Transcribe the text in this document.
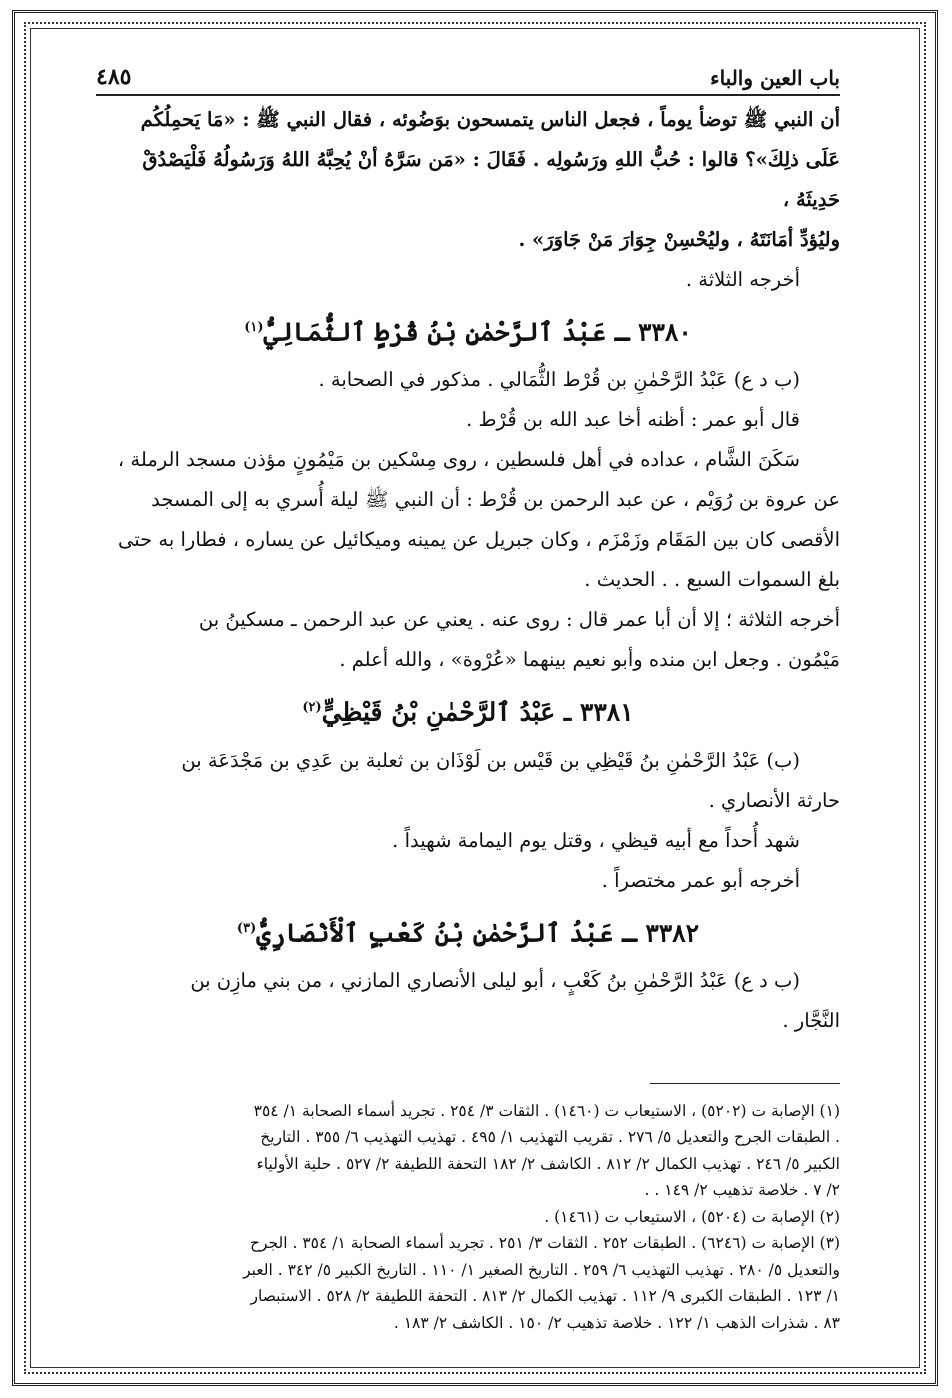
باب العين والباء
٤٨٥

أن النبي ﷺ توضأ يوماً ، فجعل الناس يتمسحون بوَضُوئه ، فقال النبي ﷺ : «مَا يَحمِلُكُم

عَلَى ذلِكَ»؟ قالوا : حُبُّ اللهِ ورَسُولِه . فَقَالَ : «مَن سَرَّهُ أنْ يُحِبَّهُ اللهُ وَرَسُولُهُ فَلْيَصْدُقْ حَدِيثَهُ ،

وليُؤدِّ أمَانَتَهُ ، وليُحْسِنْ جِوَارَ مَنْ جَاوَرَ» .

أخرجه الثلاثة .

٣٣٨٠ ـ عَبْدُ ٱلرَّحْمٰنِ بْنُ قُرْطٍ ٱلثُّمَالِيُّ$^{(١)}$

(ب د ع) عَبْدُ الرَّحْمٰنِ بن قُرْط الثُّمَالي . مذكور في الصحابة .

قال أبو عمر : أظنه أخا عبد الله بن قُرْط .

سَكَنَ الشَّام ، عداده في أهل فلسطين ، روى مِسْكين بن مَيْمُونٍ مؤذن مسجد الرملة ،

عن عروة بن رُوَيْم ، عن عبد الرحمن بن قُرْط : أن النبي ﷺ ليلة أُسري به إلى المسجد

الأقصى كان بين المَقَام وزَمْزَم ، وكان جبريل عن يمينه وميكائيل عن يساره ، فطارا به حتى

بلغ السموات السبع . . الحديث .

أخرجه الثلاثة ؛ إلا أن أبا عمر قال : روى عنه . يعني عن عبد الرحمن ـ مسكينُ بن

مَيْمُون . وجعل ابن منده وأبو نعيم بينهما «عُرْوة» ، والله أعلم .

٣٣٨١ ـ عَبْدُ ٱلرَّحْمٰنِ بْنُ قَيْظِيٍّ$^{(٢)}$

(ب) عَبْدُ الرَّحْمٰنِ بنُ قَيْظِي بن قَيْس بن لَوْذَان بن ثعلبة بن عَدِي بن مَجْدَعَة بن

حارثة الأنصاري .

شهد أُحداً مع أبيه قيظي ، وقتل يوم اليمامة شهيداً .

أخرجه أبو عمر مختصراً .

٣٣٨٢ ـ عَبْدُ ٱلرَّحْمٰنِ بْنُ كَعْبٍ ٱلْأَنْصَارِيُّ$^{(٣)}$

(ب د ع) عَبْدُ الرَّحْمٰنِ بنُ كَعْبٍ ، أبو ليلى الأنصاري المازني ، من بني مازِن بن

النَّجَّار .

(١) الإصابة ت (٥٢٠٢) ، الاستيعاب ت (١٤٦٠) . الثقات ٣/ ٢٥٤ . تجريد أسماء الصحابة ١/ ٣٥٤

. الطبقات الجرح والتعديل ٥/ ٢٧٦ . تقريب التهذيب ١/ ٤٩٥ . تهذيب التهذيب ٦/ ٣٥٥ . التاريخ

الكبير ٥/ ٢٤٦ . تهذيب الكمال ٢/ ٨١٢ . الكاشف ٢/ ١٨٢ التحفة اللطيفة ٢/ ٥٢٧ . حلية الأولياء

٢/ ٧ . خلاصة تذهيب ٢/ ١٤٩ . .

(٢) الإصابة ت (٥٢٠٤) ، الاستيعاب ت (١٤٦١) .

(٣) الإصابة ت (٦٢٤٦) . الطبقات ٢٥٢ . الثقات ٣/ ٢٥١ . تجريد أسماء الصحابة ١/ ٣٥٤ . الجرح

والتعديل ٥/ ٢٨٠ . تهذيب التهذيب ٦/ ٢٥٩ . التاريخ الصغير ١/ ١١٠ . التاريخ الكبير ٥/ ٣٤٢ . العبر

١/ ١٢٣ . الطبقات الكبرى ٩/ ١١٢ . تهذيب الكمال ٢/ ٨١٣ . التحفة اللطيفة ٢/ ٥٢٨ . الاستبصار

٨٣ . شذرات الذهب ١/ ١٢٢ . خلاصة تذهيب ٢/ ١٥٠ . الكاشف ٢/ ١٨٣ .
